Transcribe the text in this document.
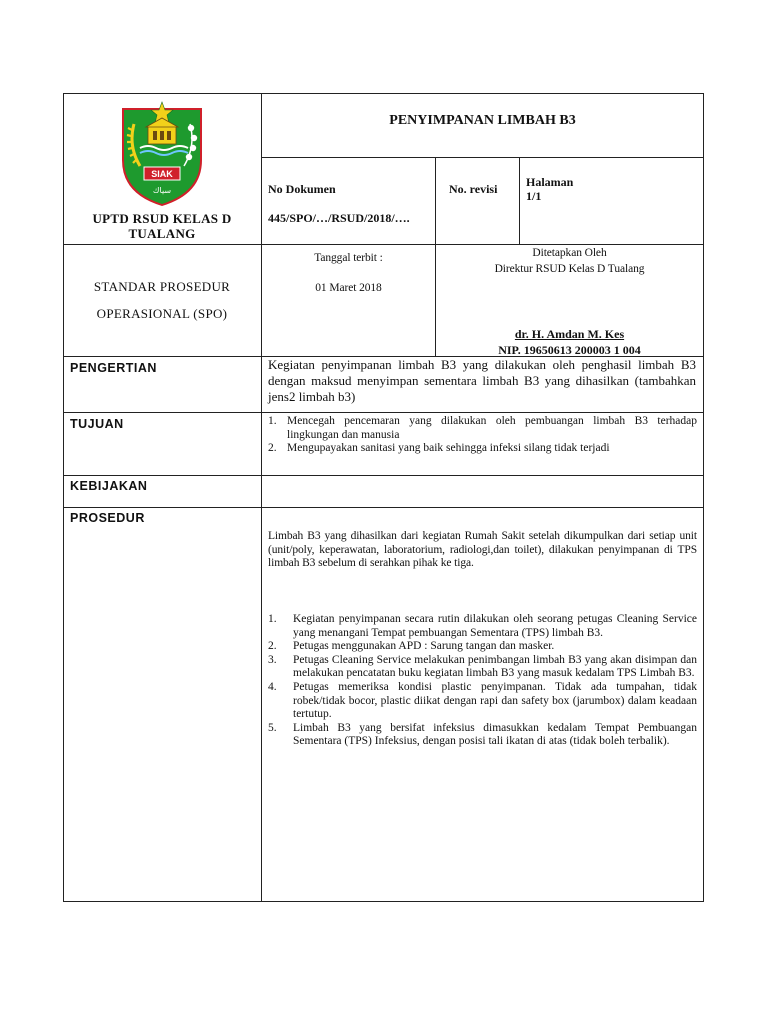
SIAK
سياك
UPTD RSUD KELAS D
TUALANG
PENYIMPANAN LIMBAH B3
No Dokumen
445/SPO/…/RSUD/2018/….
No. revisi Halaman
1/1
STANDAR PROSEDUR
OPERASIONAL (SPO)
Tanggal terbit :
01 Maret 2018
Ditetapkan Oleh
Direktur RSUD Kelas D Tualang
dr. H. Amdan M. Kes
NIP. 19650613 200003 1 004
PENGERTIAN	Kegiatan penyimpanan limbah B3 yang dilakukan oleh penghasil limbah B3 dengan maksud menyimpan sementara limbah B3 yang dihasilkan (tambahkan jens2 limbah b3)
TUJUAN	1. Mencegah pencemaran yang dilakukan oleh pembuangan limbah B3 terhadap lingkungan dan manusia
2. Mengupayakan sanitasi yang baik sehingga infeksi silang tidak terjadi
KEBIJAKAN
PROSEDUR
Limbah B3 yang dihasilkan dari kegiatan Rumah Sakit setelah dikumpulkan dari setiap unit (unit/poly, keperawatan, laboratorium, radiologi,dan toilet), dilakukan penyimpanan di TPS limbah B3 sebelum di serahkan pihak ke tiga.
1. Kegiatan penyimpanan secara rutin dilakukan oleh seorang petugas Cleaning Service yang menangani Tempat pembuangan Sementara (TPS) limbah B3.
2. Petugas menggunakan APD : Sarung tangan dan masker.
3. Petugas Cleaning Service melakukan penimbangan limbah B3 yang akan disimpan dan melakukan pencatatan buku kegiatan limbah B3 yang masuk kedalam TPS Limbah B3.
4. Petugas memeriksa kondisi plastic penyimpanan. Tidak ada tumpahan, tidak robek/tidak bocor, plastic diikat dengan rapi dan safety box (jarumbox) dalam keadaan tertutup.
5. Limbah B3 yang bersifat infeksius dimasukkan kedalam Tempat Pembuangan Sementara (TPS) Infeksius, dengan posisi tali ikatan di atas (tidak boleh terbalik).
